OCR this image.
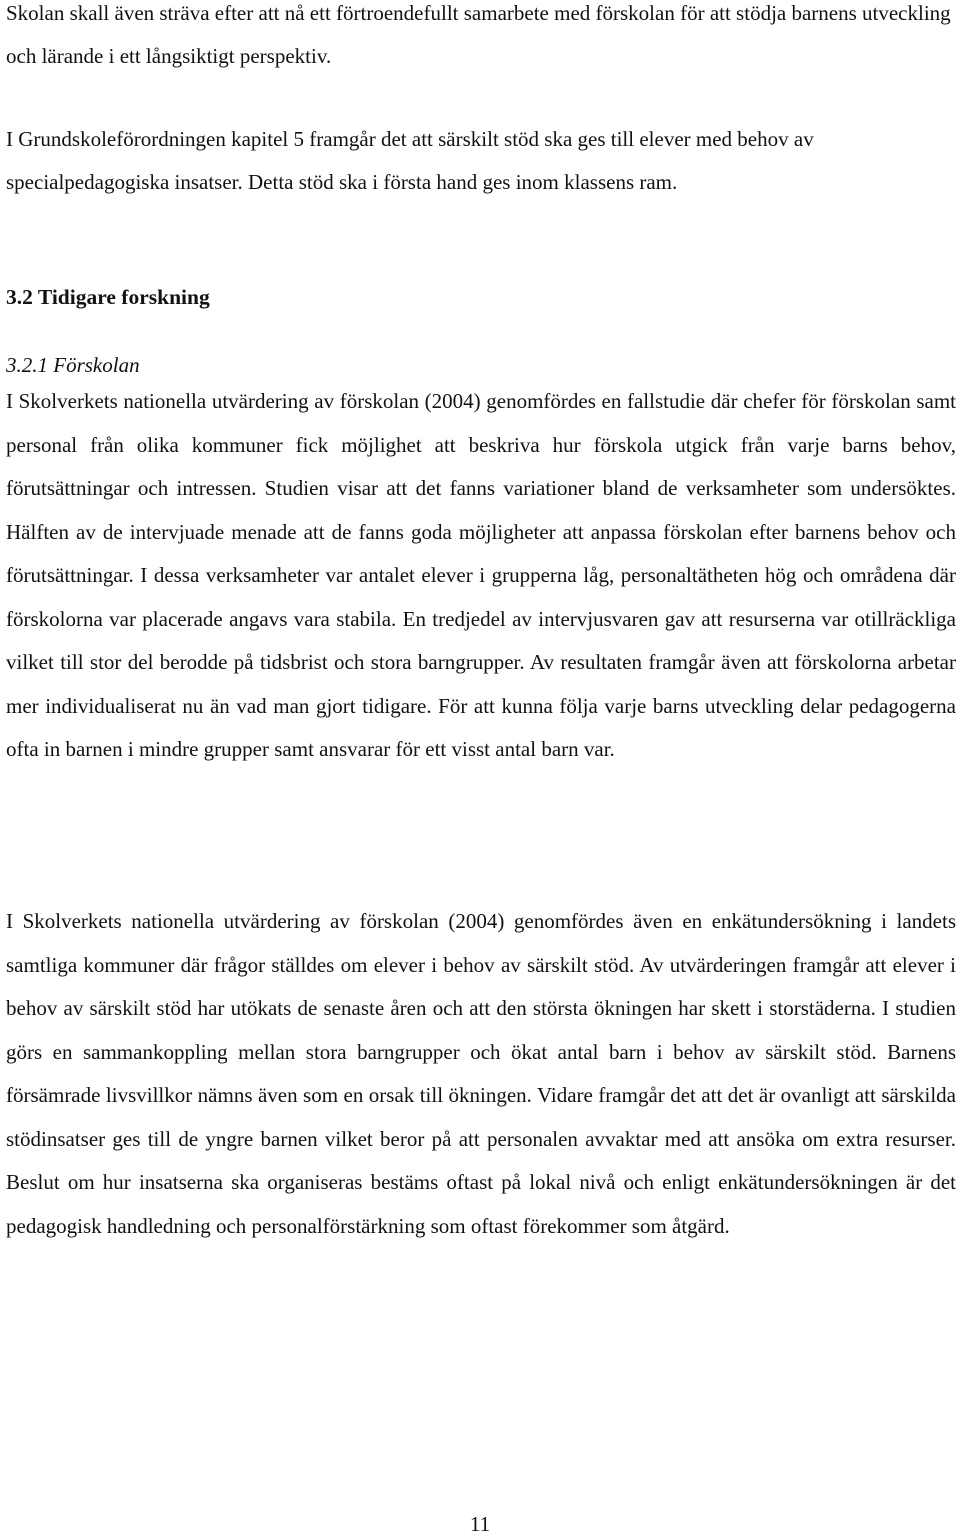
Skolan skall även sträva efter att nå ett förtroendefullt samarbete med förskolan för att stödja barnens utveckling och lärande i ett långsiktigt perspektiv.

I Grundskoleförordningen kapitel 5 framgår det att särskilt stöd ska ges till elever med behov av specialpedagogiska insatser. Detta stöd ska i första hand ges inom klassens ram.

3.2 Tidigare forskning
3.2.1 Förskolan

I Skolverkets nationella utvärdering av förskolan (2004) genomfördes en fallstudie där chefer för förskolan samt personal från olika kommuner fick möjlighet att beskriva hur förskola utgick från varje barns behov, förutsättningar och intressen. Studien visar att det fanns variationer bland de verksamheter som undersöktes. Hälften av de intervjuade menade att de fanns goda möjligheter att anpassa förskolan efter barnens behov och förutsättningar. I dessa verksamheter var antalet elever i grupperna låg, personaltätheten hög och områdena där förskolorna var placerade angavs vara stabila. En tredjedel av intervjusvaren gav att resurserna var otillräckliga vilket till stor del berodde på tidsbrist och stora barngrupper. Av resultaten framgår även att förskolorna arbetar mer individualiserat nu än vad man gjort tidigare. För att kunna följa varje barns utveckling delar pedagogerna ofta in barnen i mindre grupper samt ansvarar för ett visst antal barn var.

I Skolverkets nationella utvärdering av förskolan (2004) genomfördes även en enkätundersökning i landets samtliga kommuner där frågor ställdes om elever i behov av särskilt stöd. Av utvärderingen framgår att elever i behov av särskilt stöd har utökats de senaste åren och att den största ökningen har skett i storstäderna. I studien görs en sammankoppling mellan stora barngrupper och ökat antal barn i behov av särskilt stöd. Barnens försämrade livsvillkor nämns även som en orsak till ökningen. Vidare framgår det att det är ovanligt att särskilda stödinsatser ges till de yngre barnen vilket beror på att personalen avvaktar med att ansöka om extra resurser. Beslut om hur insatserna ska organiseras bestäms oftast på lokal nivå och enligt enkätundersökningen är det pedagogisk handledning och personalförstärkning som oftast förekommer som åtgärd.

11
